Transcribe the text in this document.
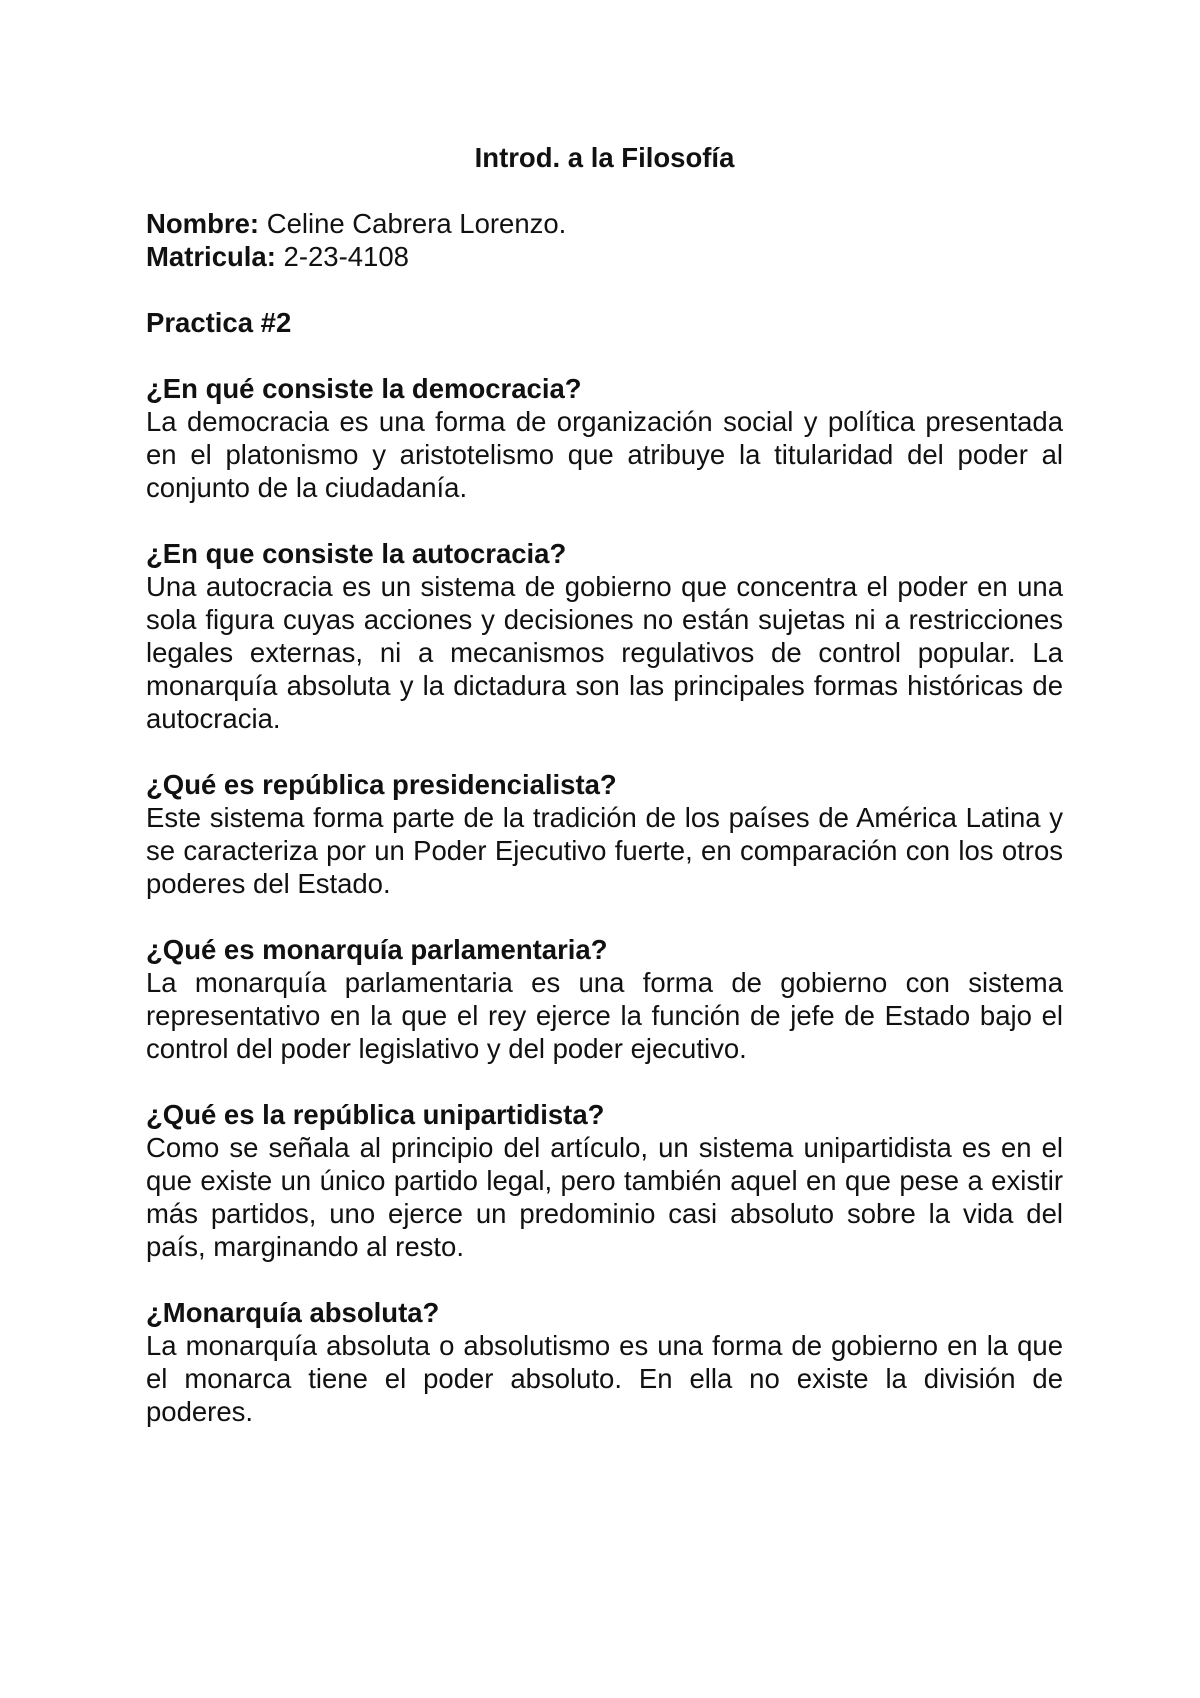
Introd. a la Filosofía
Nombre: Celine Cabrera Lorenzo.
Matricula: 2-23-4108
Practica #2

¿En qué consiste la democracia?

La democracia es una forma de organización social y política presentada en el platonismo y aristotelismo que atribuye la titularidad del poder al conjunto de la ciudadanía.

¿En que consiste la autocracia?

Una autocracia es un sistema de gobierno que concentra el poder en una sola figura cuyas acciones y decisiones no están sujetas ni a restricciones legales externas, ni a mecanismos regulativos de control popular. La monarquía absoluta y la dictadura son las principales formas históricas de autocracia.

¿Qué es república presidencialista?

Este sistema forma parte de la tradición de los países de América Latina y se caracteriza por un Poder Ejecutivo fuerte, en comparación con los otros poderes del Estado.

¿Qué es monarquía parlamentaria?

La monarquía parlamentaria es una forma de gobierno con sistema representativo en la que el rey ejerce la función de jefe de Estado bajo el control del poder legislativo y del poder ejecutivo.

¿Qué es la república unipartidista?

Como se señala al principio del artículo, un sistema unipartidista es en el que existe un único partido legal, pero también aquel en que pese a existir más partidos, uno ejerce un predominio casi absoluto sobre la vida del país, marginando al resto.

¿Monarquía absoluta?

La monarquía absoluta o absolutismo es una forma de gobierno en la que el monarca tiene el poder absoluto. En ella no existe la división de poderes.
